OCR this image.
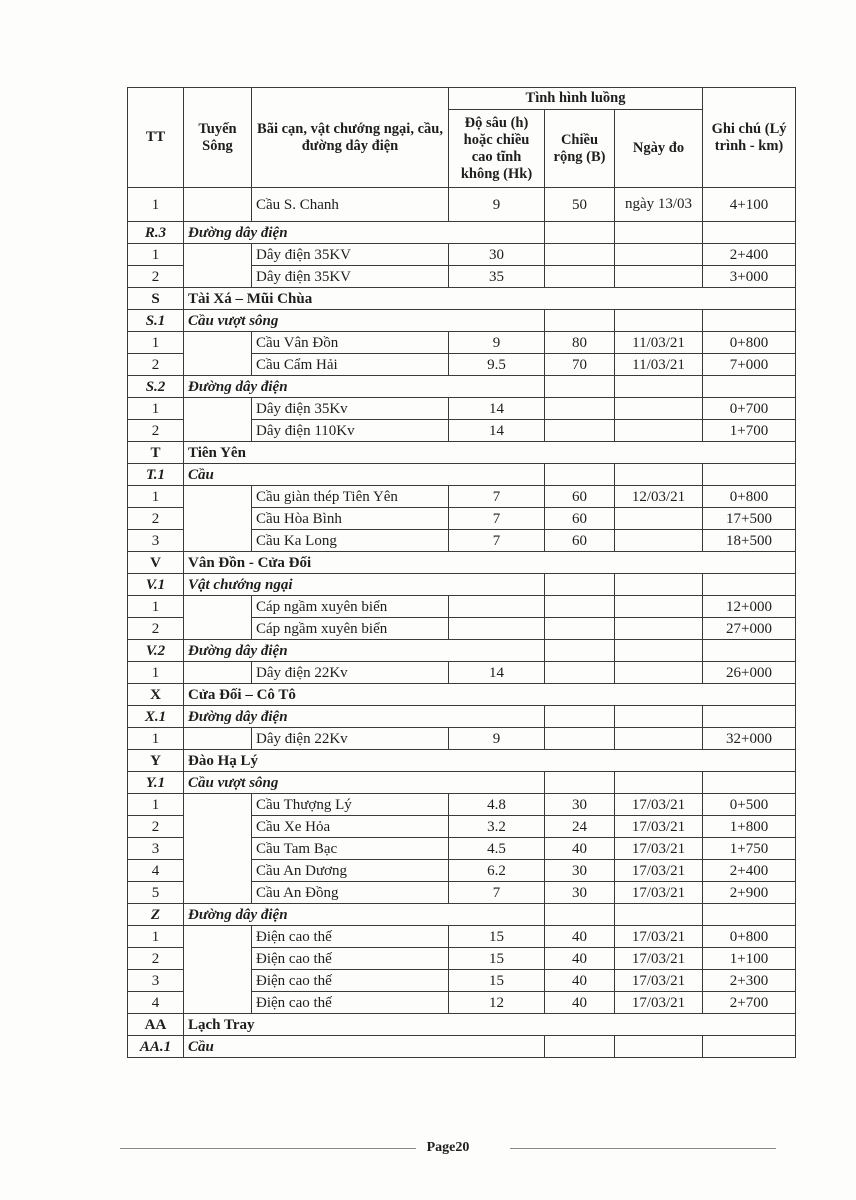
TT	Tuyến Sông	Bãi cạn, vật chướng ngại, cầu, đường dây điện	Tình hình luồng			Ghi chú (Lý trình - km)
			Độ sâu (h) hoặc chiều cao tĩnh không (Hk)	Chiều rộng (B)	Ngày đo	
1		Cầu S. Chanh	9	50	ngày 13/03	4+100
R.3	Đường dây điện					
1		Dây điện 35KV	30			2+400
2		Dây điện 35KV	35			3+000
S	Tài Xá – Mũi Chùa					
S.1	Cầu vượt sông					
1		Cầu Vân Đồn	9	80	11/03/21	0+800
2		Cầu Cẩm Hải	9.5	70	11/03/21	7+000
S.2	Đường dây điện					
1		Dây điện 35Kv	14			0+700
2		Dây điện 110Kv	14			1+700
T	Tiên Yên					
T.1	Cầu					
1		Cầu giàn thép Tiên Yên	7	60	12/03/21	0+800
2		Cầu Hòa Bình	7	60		17+500
3		Cầu Ka Long	7	60		18+500
V	Vân Đồn - Cửa Đối					
V.1	Vật chướng ngại					
1		Cáp ngầm xuyên biển				12+000
2		Cáp ngầm xuyên biển				27+000
V.2	Đường dây điện					
1		Dây điện 22Kv	14			26+000
X	Cửa Đối – Cô Tô					
X.1	Đường dây điện					
1		Dây điện 22Kv	9			32+000
Y	Đào Hạ Lý					
Y.1	Cầu vượt sông					
1		Cầu Thượng Lý	4.8	30	17/03/21	0+500
2		Cầu Xe Hỏa	3.2	24	17/03/21	1+800
3		Cầu Tam Bạc	4.5	40	17/03/21	1+750
4		Cầu An Dương	6.2	30	17/03/21	2+400
5		Cầu An Đồng	7	30	17/03/21	2+900
Z	Đường dây điện					
1		Điện cao thế	15	40	17/03/21	0+800
2		Điện cao thế	15	40	17/03/21	1+100
3		Điện cao thế	15	40	17/03/21	2+300
4		Điện cao thế	12	40	17/03/21	2+700
AA	Lạch Tray					
AA.1	Cầu					
Page20
